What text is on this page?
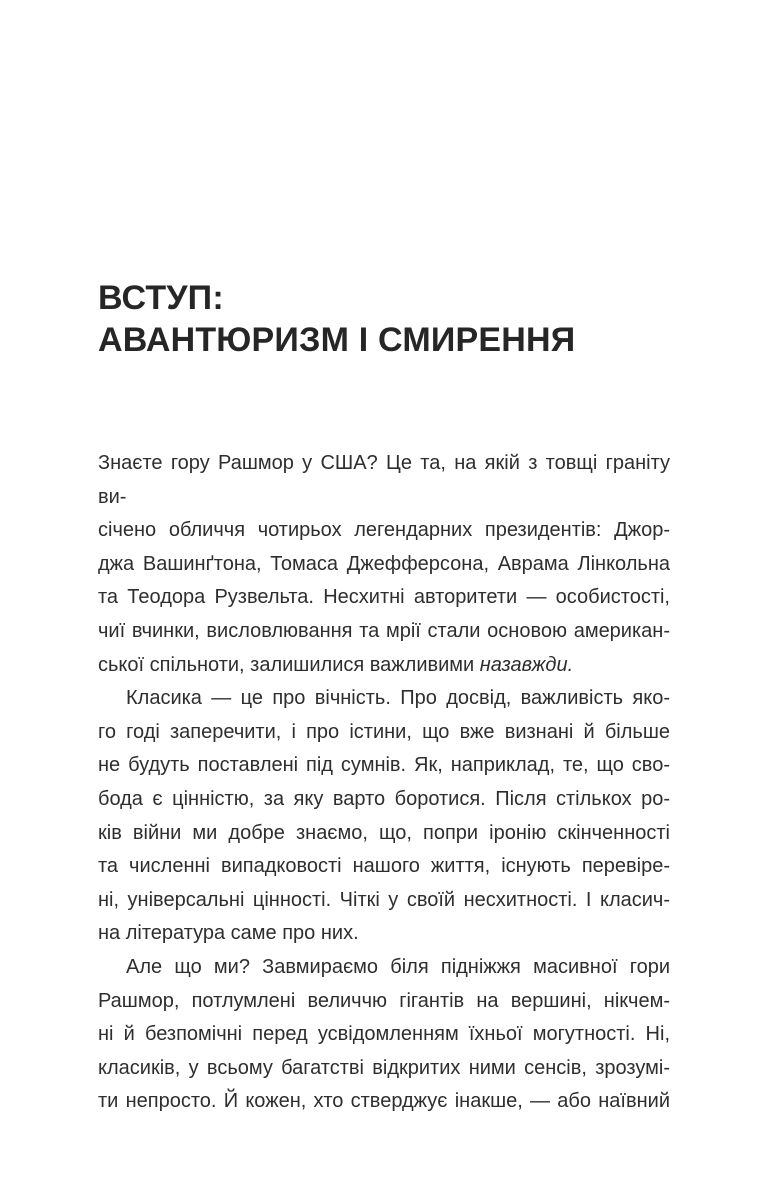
ВСТУП:
АВАНТЮРИЗМ І СМИРЕННЯ
Знаєте гору Рашмор у США? Це та, на якій з товщі граніту ви-
січено обличчя чотирьох легендарних президентів: Джор-
джа Вашинґтона, Томаса Джефферсона, Аврама Лінкольна
та Теодора Рузвельта. Несхитні авторитети — особистості,
чиї вчинки, висловлювання та мрії стали основою американ-
ської спільноти, залишилися важливими назавжди.
Класика — це про вічність. Про досвід, важливість яко-
го годі заперечити, і про істини, що вже визнані й більше
не будуть поставлені під сумнів. Як, наприклад, те, що сво-
бода є цінністю, за яку варто боротися. Після стількох ро-
ків війни ми добре знаємо, що, попри іронію скінченності
та численні випадковості нашого життя, існують перевіре-
ні, універсальні цінності. Чіткі у своїй несхитності. І класич-
на література саме про них.
Але що ми? Завмираємо біля підніжжя масивної гори
Рашмор, потлумлені величчю гігантів на вершині, нікчем-
ні й безпомічні перед усвідомленням їхньої могутності. Ні,
класиків, у всьому багатстві відкритих ними сенсів, зрозумі-
ти непросто. Й кожен, хто стверджує інакше, — або наївний
